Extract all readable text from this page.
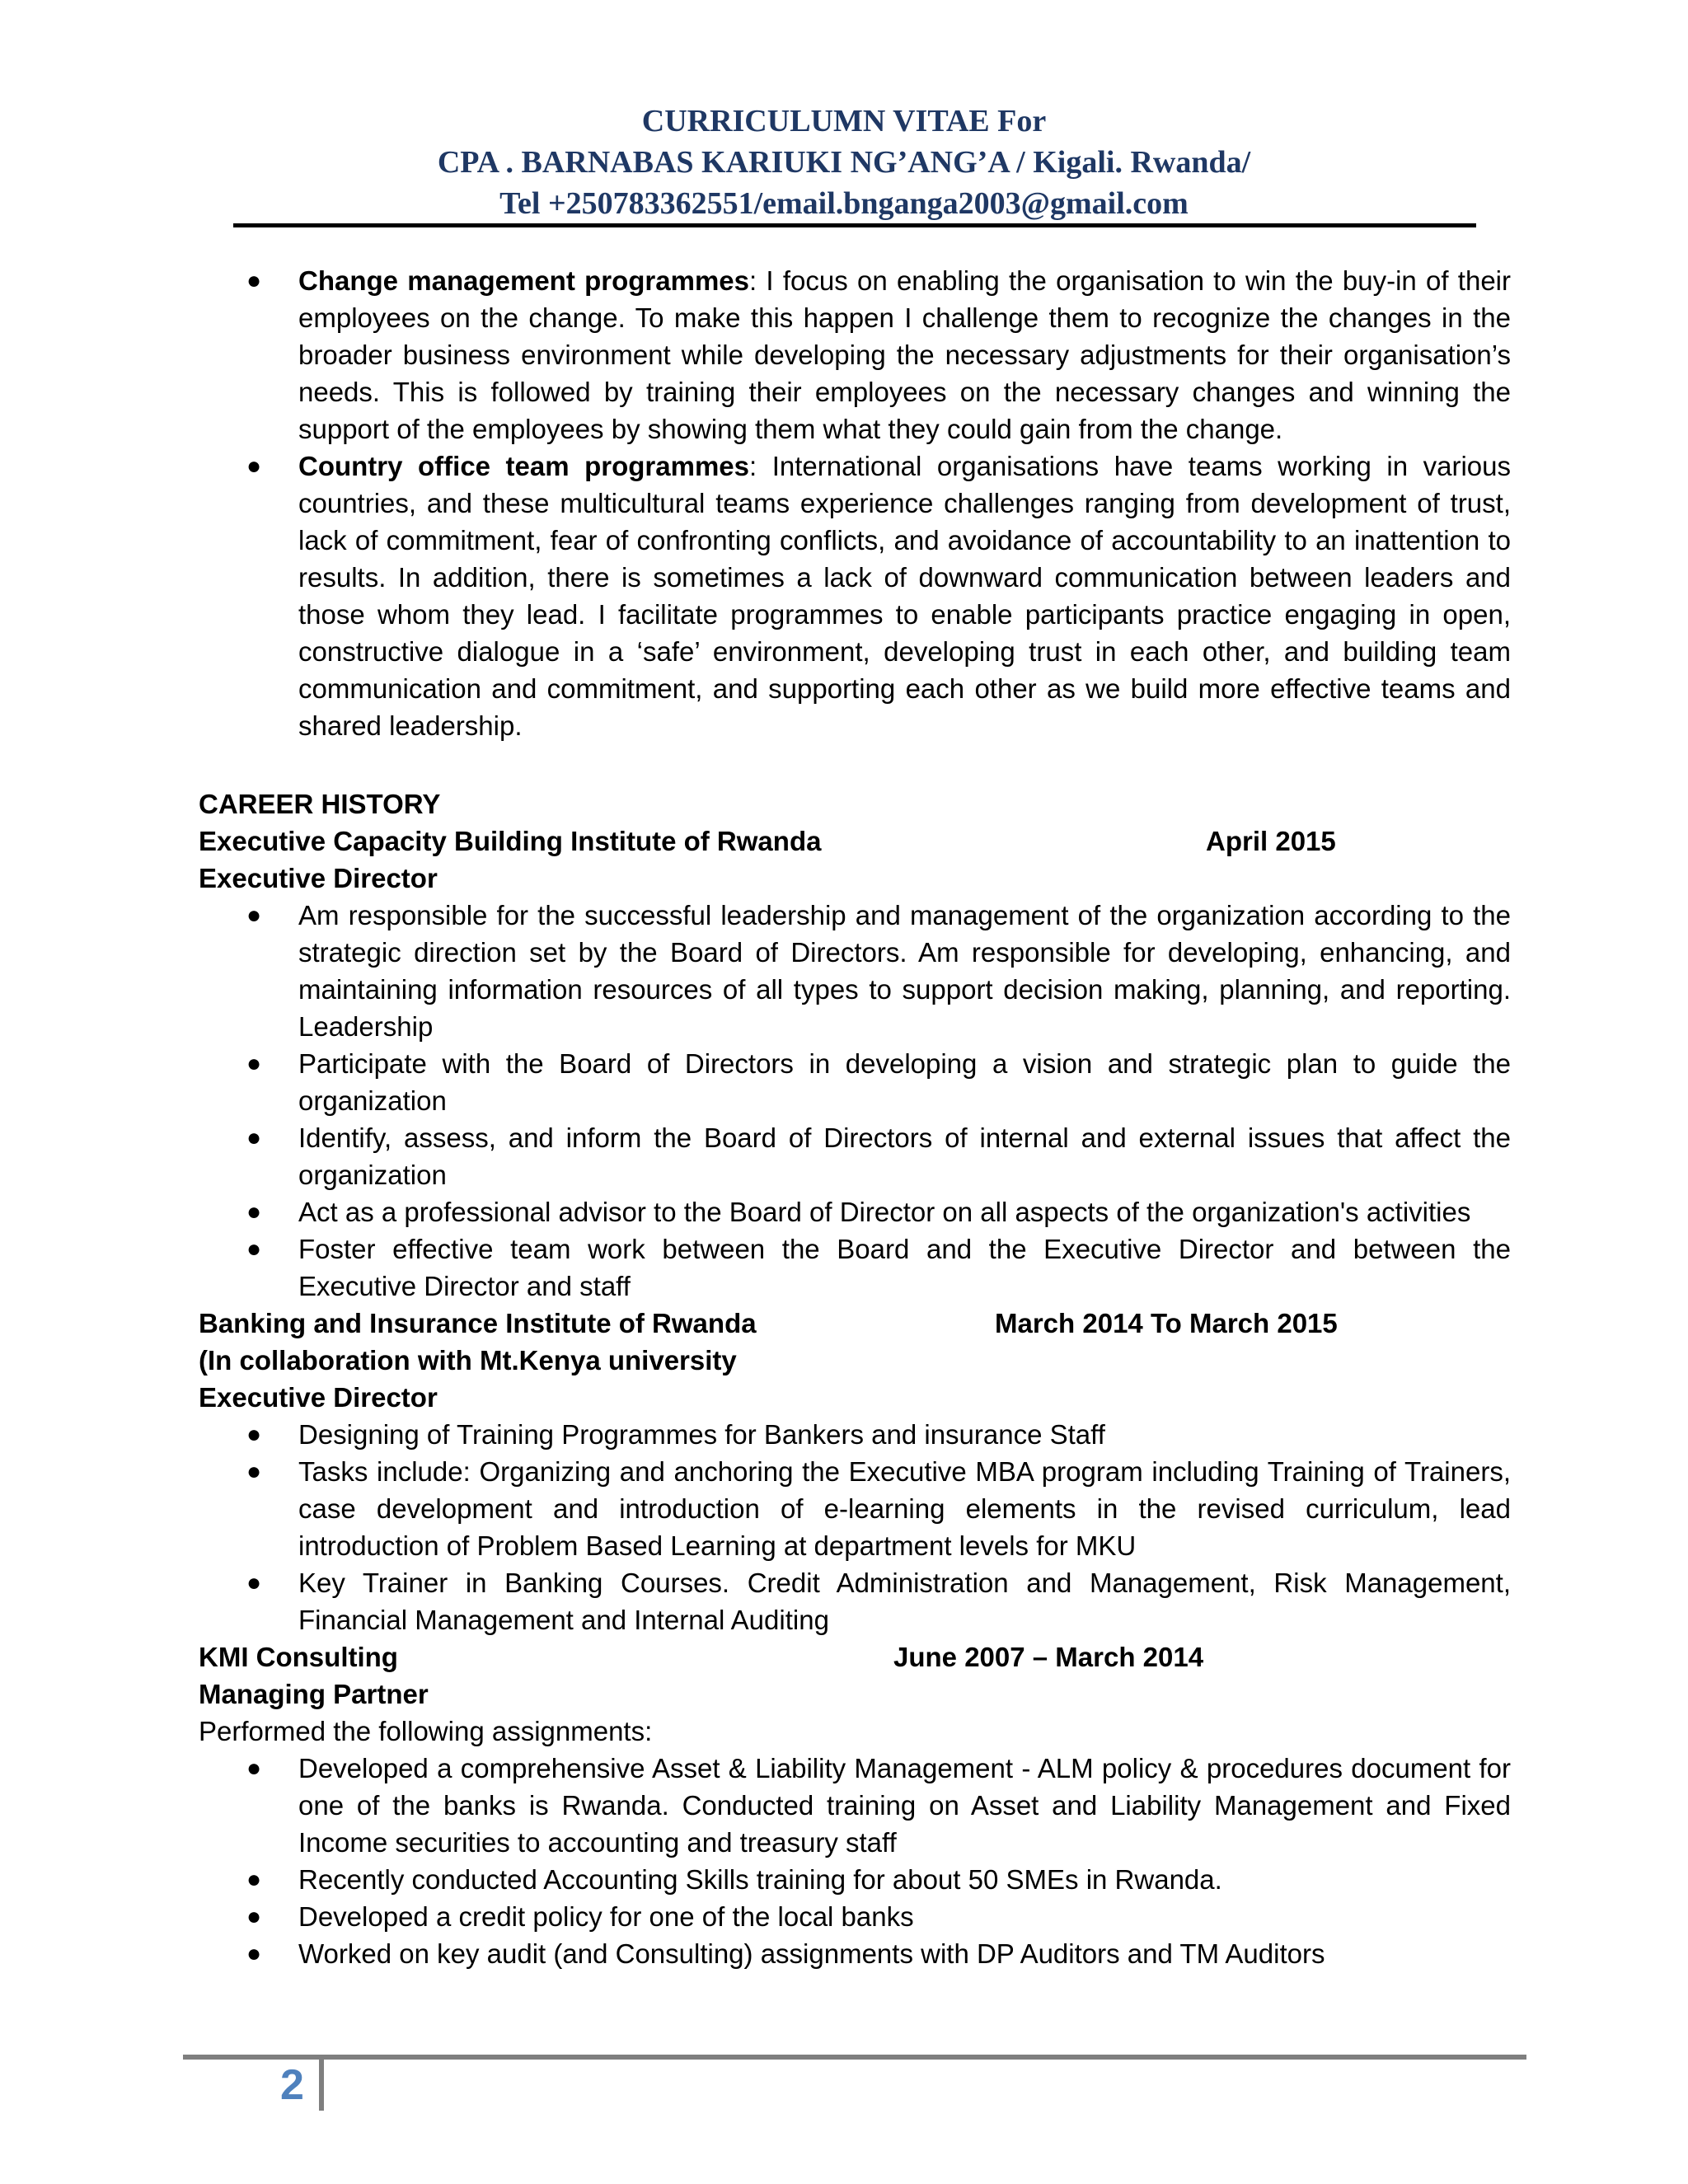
CURRICULUMN VITAE For
CPA . BARNABAS KARIUKI NG’ANG’A / Kigali. Rwanda/
Tel +250783362551/email.bnganga2003@gmail.com
● Change management programmes: I focus on enabling the organisation to win the buy-in of their employees on the change. To make this happen I challenge them to recognize the changes in the broader business environment while developing the necessary adjustments for their organisation’s needs. This is followed by training their employees on the necessary changes and winning the support of the employees by showing them what they could gain from the change.
● Country office team programmes: International organisations have teams working in various countries, and these multicultural teams experience challenges ranging from development of trust, lack of commitment, fear of confronting conflicts, and avoidance of accountability to an inattention to results. In addition, there is sometimes a lack of downward communication between leaders and those whom they lead. I facilitate programmes to enable participants practice engaging in open, constructive dialogue in a ‘safe’ environment, developing trust in each other, and building team communication and commitment, and supporting each other as we build more effective teams and shared leadership.
CAREER HISTORY
Executive Capacity Building Institute of Rwanda	April 2015
Executive Director
● Am responsible for the successful leadership and management of the organization according to the strategic direction set by the Board of Directors. Am responsible for developing, enhancing, and maintaining information resources of all types to support decision making, planning, and reporting. Leadership
● Participate with the Board of Directors in developing a vision and strategic plan to guide the organization
● Identify, assess, and inform the Board of Directors of internal and external issues that affect the organization
● Act as a professional advisor to the Board of Director on all aspects of the organization's activities
● Foster effective team work between the Board and the Executive Director and between the Executive Director and staff
Banking and Insurance Institute of Rwanda	March 2014 To March 2015
(In collaboration with Mt.Kenya university
Executive Director
● Designing of Training Programmes for Bankers and insurance Staff
● Tasks include: Organizing and anchoring the Executive MBA program including Training of Trainers, case development and introduction of e-learning elements in the revised curriculum, lead introduction of Problem Based Learning at department levels for MKU
● Key Trainer in Banking Courses. Credit Administration and Management, Risk Management, Financial Management and Internal Auditing
KMI Consulting	June 2007 – March 2014
Managing Partner
Performed the following assignments:
● Developed a comprehensive Asset & Liability Management - ALM policy & procedures document for one of the banks is Rwanda. Conducted training on Asset and Liability Management and Fixed Income securities to accounting and treasury staff
● Recently conducted Accounting Skills training for about 50 SMEs in Rwanda.
● Developed a credit policy for one of the local banks
● Worked on key audit (and Consulting) assignments with DP Auditors and TM Auditors
2
